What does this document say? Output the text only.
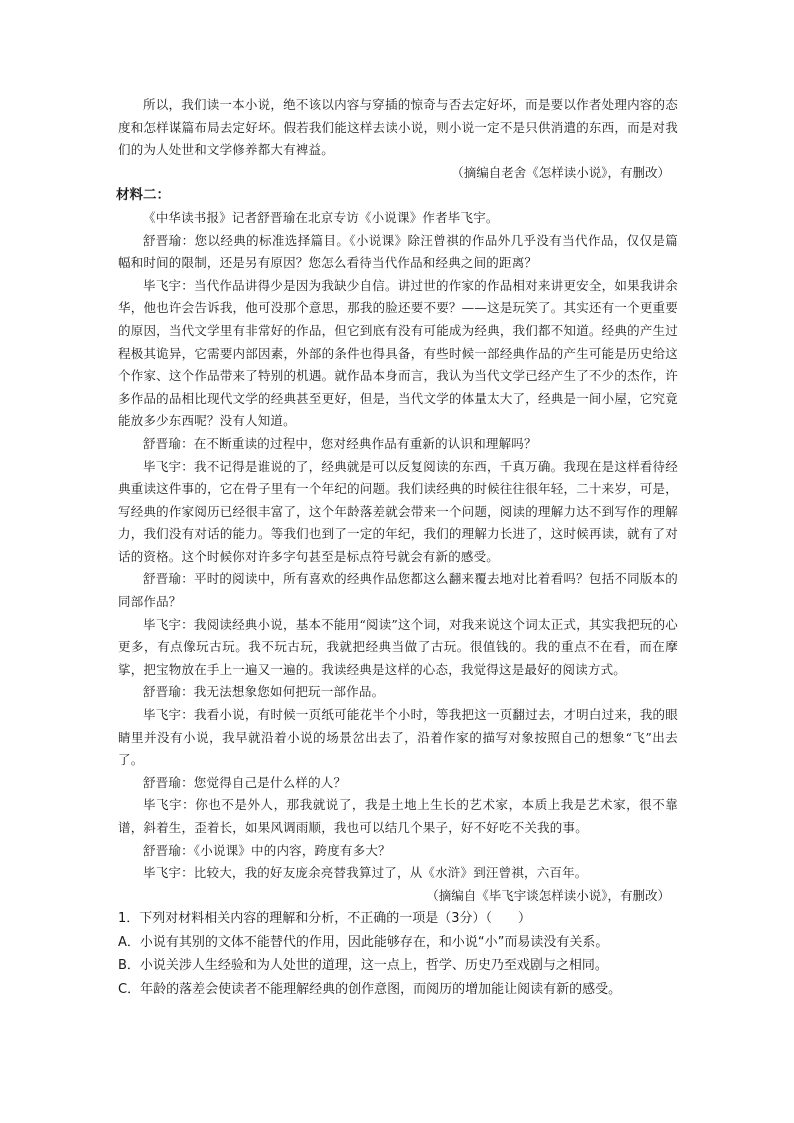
所以，我们读一本小说，绝不该以内容与穿插的惊奇与否去定好坏，而是要以作者处理内容的态度和怎样谋篇布局去定好坏。假若我们能这样去读小说，则小说一定不是只供消遣的东西，而是对我们的为人处世和文学修养都大有裨益。

（摘编自老舍《怎样读小说》，有删改）

材料二：

《中华读书报》记者舒晋瑜在北京专访《小说课》作者毕飞宇。

舒晋瑜：您以经典的标准选择篇目。《小说课》除汪曾祺的作品外几乎没有当代作品，仅仅是篇幅和时间的限制，还是另有原因？您怎么看待当代作品和经典之间的距离？

毕飞宇：当代作品讲得少是因为我缺少自信。讲过世的作家的作品相对来讲更安全，如果我讲余华，他也许会告诉我，他可没那个意思，那我的脸还要不要？——这是玩笑了。其实还有一个更重要的原因，当代文学里有非常好的作品，但它到底有没有可能成为经典，我们都不知道。经典的产生过程极其诡异，它需要内部因素，外部的条件也得具备，有些时候一部经典作品的产生可能是历史给这个作家、这个作品带来了特别的机遇。就作品本身而言，我认为当代文学已经产生了不少的杰作，许多作品的品相比现代文学的经典甚至更好，但是，当代文学的体量太大了，经典是一间小屋，它究竟能放多少东西呢？没有人知道。

舒晋瑜：在不断重读的过程中，您对经典作品有重新的认识和理解吗？

毕飞宇：我不记得是谁说的了，经典就是可以反复阅读的东西，千真万确。我现在是这样看待经典重读这件事的，它在骨子里有一个年纪的问题。我们读经典的时候往往很年轻，二十来岁，可是，写经典的作家阅历已经很丰富了，这个年龄落差就会带来一个问题，阅读的理解力达不到写作的理解力，我们没有对话的能力。等我们也到了一定的年纪，我们的理解力长进了，这时候再读，就有了对话的资格。这个时候你对许多字句甚至是标点符号就会有新的感受。

舒晋瑜：平时的阅读中，所有喜欢的经典作品您都这么翻来覆去地对比着看吗？包括不同版本的同部作品？

毕飞宇：我阅读经典小说，基本不能用“阅读”这个词，对我来说这个词太正式，其实我把玩的心更多，有点像玩古玩。我不玩古玩，我就把经典当做了古玩。很值钱的。我的重点不在看，而在摩挲，把宝物放在手上一遍又一遍的。我读经典是这样的心态，我觉得这是最好的阅读方式。

舒晋瑜：我无法想象您如何把玩一部作品。

毕飞宇：我看小说，有时候一页纸可能花半个小时，等我把这一页翻过去，才明白过来，我的眼睛里并没有小说，我早就沿着小说的场景岔出去了，沿着作家的描写对象按照自己的想象“飞”出去了。

舒晋瑜：您觉得自己是什么样的人？

毕飞宇：你也不是外人，那我就说了，我是土地上生长的艺术家，本质上我是艺术家，很不靠谱，斜着生，歪着长，如果风调雨顺，我也可以结几个果子，好不好吃不关我的事。

舒晋瑜：《小说课》中的内容，跨度有多大？

毕飞宇：比较大，我的好友庞余亮替我算过了，从《水浒》到汪曾祺，六百年。

（摘编自《毕飞宇谈怎样读小说》，有删改）

1．下列对材料相关内容的理解和分析，不正确的一项是（3分）（　　）

A．小说有其别的文体不能替代的作用，因此能够存在，和小说“小”而易读没有关系。

B．小说关涉人生经验和为人处世的道理，这一点上，哲学、历史乃至戏剧与之相同。

C．年龄的落差会使读者不能理解经典的创作意图，而阅历的增加能让阅读有新的感受。
